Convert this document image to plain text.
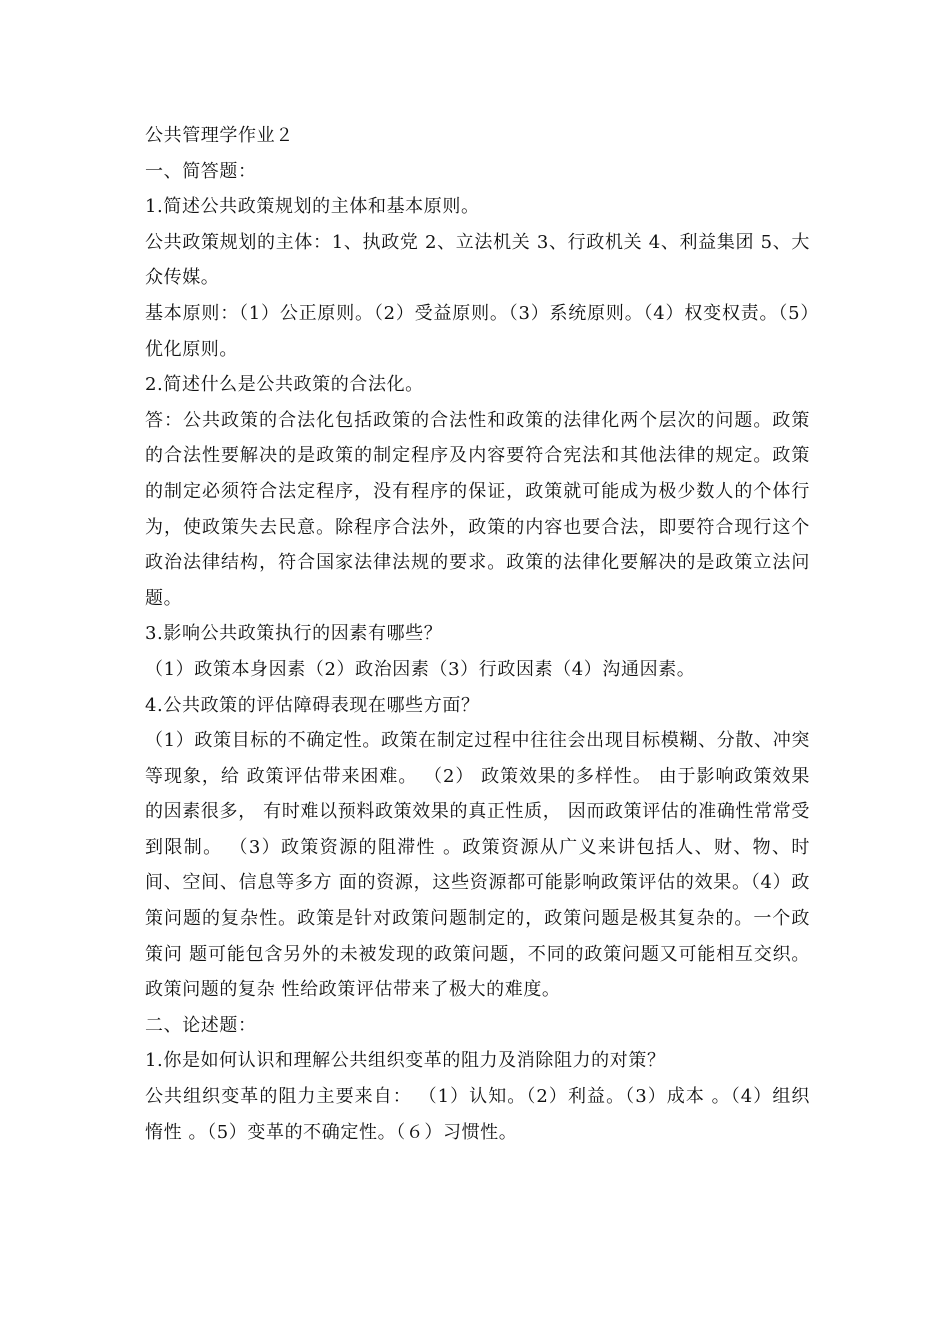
公共管理学作业２

一、简答题：

1.简述公共政策规划的主体和基本原则。

公共政策规划的主体：1、执政党 2、立法机关 3、行政机关 4、利益集团 5、大众传媒。

基本原则：（1）公正原则。（2）受益原则。（3）系统原则。（4）权变权责。（5）优化原则。

2.简述什么是公共政策的合法化。

答：公共政策的合法化包括政策的合法性和政策的法律化两个层次的问题。政策的合法性要解决的是政策的制定程序及内容要符合宪法和其他法律的规定。政策的制定必须符合法定程序，没有程序的保证，政策就可能成为极少数人的个体行为，使政策失去民意。除程序合法外，政策的内容也要合法，即要符合现行这个政治法律结构，符合国家法律法规的要求。政策的法律化要解决的是政策立法问题。

3.影响公共政策执行的因素有哪些？

（1）政策本身因素（2）政治因素（3）行政因素（4）沟通因素。

4.公共政策的评估障碍表现在哪些方面？

（1）政策目标的不确定性。政策在制定过程中往往会出现目标模糊、分散、冲突等现象，给 政策评估带来困难。 （2） 政策效果的多样性。 由于影响政策效果的因素很多， 有时难以预料政策效果的真正性质， 因而政策评估的准确性常常受到限制。 （3）政策资源的阻滞性 。政策资源从广义来讲包括人、财、物、时间、空间、信息等多方 面的资源，这些资源都可能影响政策评估的效果。（4）政策问题的复杂性。政策是针对政策问题制定的，政策问题是极其复杂的。一个政策问 题可能包含另外的未被发现的政策问题，不同的政策问题又可能相互交织。政策问题的复杂 性给政策评估带来了极大的难度。

二、论述题：

1.你是如何认识和理解公共组织变革的阻力及消除阻力的对策？

公共组织变革的阻力主要来自： （1）认知。（2）利益。（3）成本 。（4）组织惰性 。（5）变革的不确定性。（６）习惯性。
